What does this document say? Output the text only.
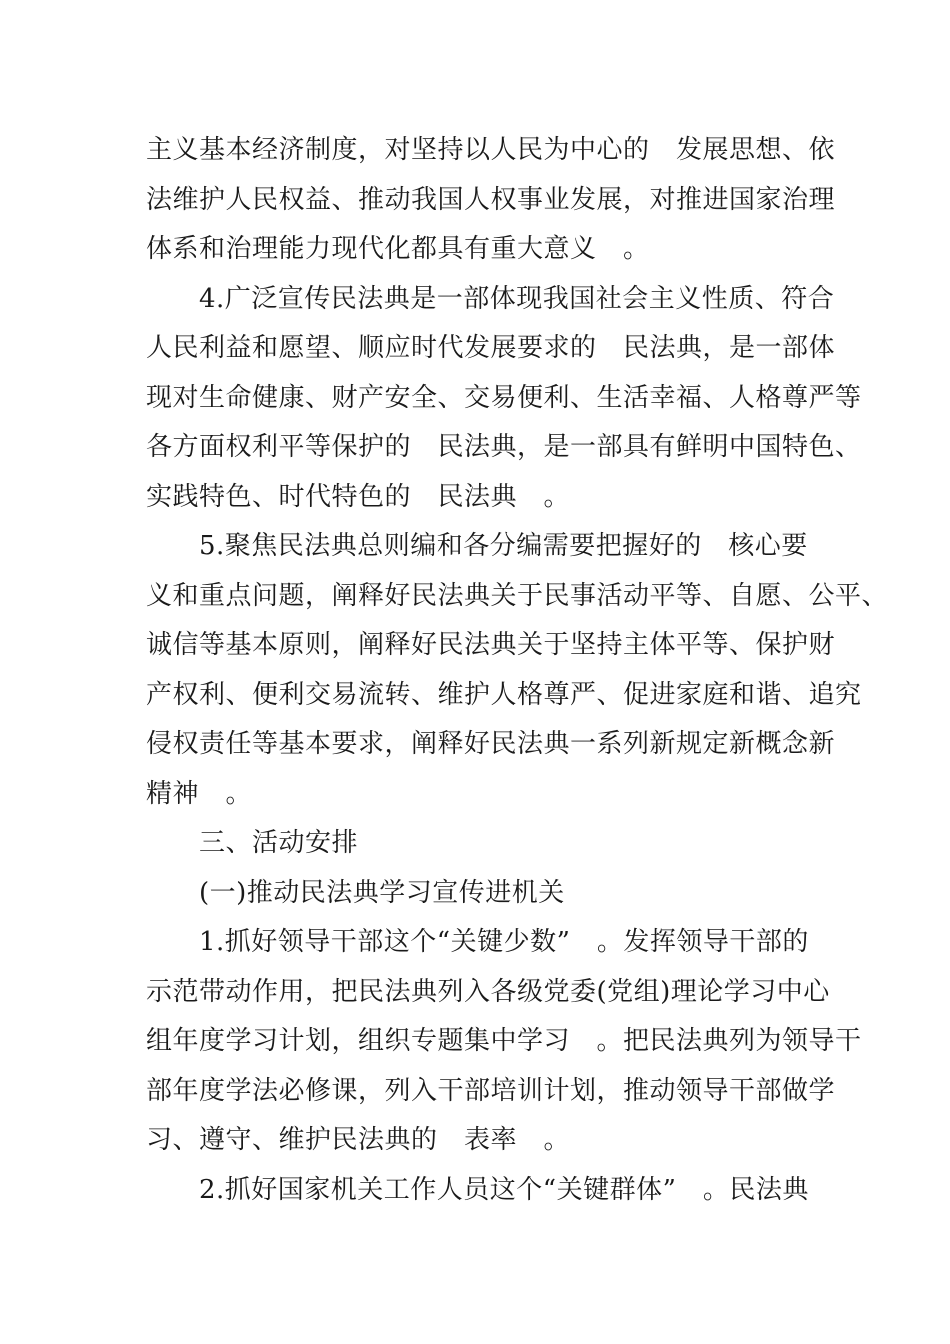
主义基本经济制度，对坚持以人民为中心的　发展思想、依
法维护人民权益、推动我国人权事业发展，对推进国家治理
体系和治理能力现代化都具有重大意义　。
　　4.广泛宣传民法典是一部体现我国社会主义性质、符合
人民利益和愿望、顺应时代发展要求的　民法典，是一部体
现对生命健康、财产安全、交易便利、生活幸福、人格尊严等
各方面权利平等保护的　民法典，是一部具有鲜明中国特色、
实践特色、时代特色的　民法典　。
　　5.聚焦民法典总则编和各分编需要把握好的　核心要
义和重点问题，阐释好民法典关于民事活动平等、自愿、公平、
诚信等基本原则，阐释好民法典关于坚持主体平等、保护财
产权利、便利交易流转、维护人格尊严、促进家庭和谐、追究
侵权责任等基本要求，阐释好民法典一系列新规定新概念新
精神　。
　　三、活动安排
　　(一)推动民法典学习宣传进机关
　　1.抓好领导干部这个“关键少数”　。发挥领导干部的
示范带动作用，把民法典列入各级党委(党组)理论学习中心
组年度学习计划，组织专题集中学习　。把民法典列为领导干
部年度学法必修课，列入干部培训计划，推动领导干部做学
习、遵守、维护民法典的　表率　。
　　2.抓好国家机关工作人员这个“关键群体”　。民法典
